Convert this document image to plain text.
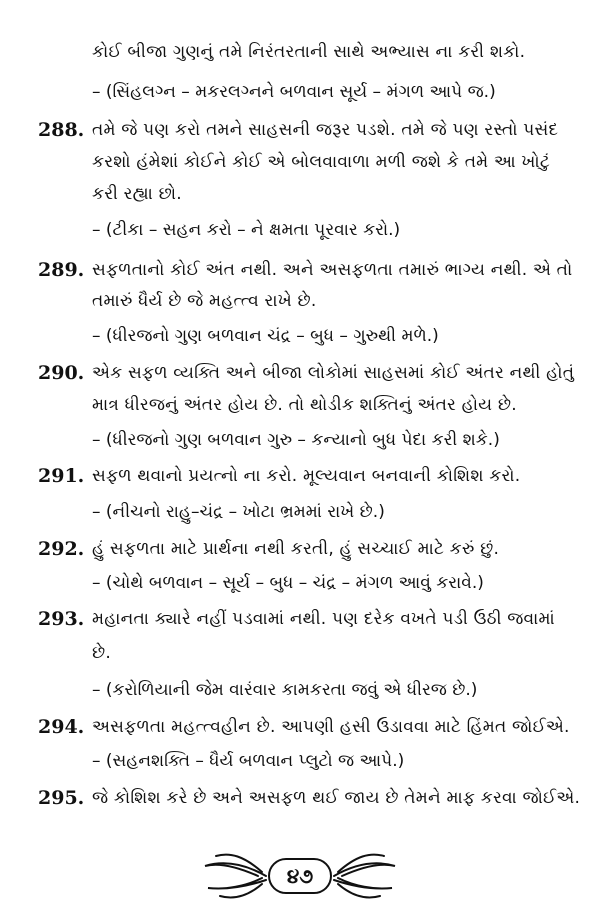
કોઈ બીજા ગુણનું તમે નિરંતરતાની સાથે અભ્યાસ ના કરી શકો.
– (સિંહલગ્ન – મકરલગ્નને બળવાન સૂર્ય – મંગળ આપે જ.)
288. તમે જે પણ કરો તમને સાહસની જરૂર પડશે. તમે જે પણ રસ્તો પસંદ
કરશો હંમેશાં કોઈને કોઈ એ બોલવાવાળા મળી જશે કે તમે આ ખોટું
કરી રહ્યા છો.
– (ટીકા – સહન કરો – ને ક્ષમતા પૂરવાર કરો.)
289. સફળતાનો કોઈ અંત નથી. અને અસફળતા તમારું ભાગ્ય નથી. એ તો
તમારું ધૈર્ય છે જે મહત્ત્વ રાખે છે.
– (ધીરજનો ગુણ બળવાન ચંદ્ર – બુધ – ગુરુથી મળે.)
290. એક સફળ વ્યક્તિ અને બીજા લોકોમાં સાહસમાં કોઈ અંતર નથી હોતું
માત્ર ધીરજનું અંતર હોય છે. તો થોડીક શક્તિનું અંતર હોય છે.
– (ધીરજનો ગુણ બળવાન ગુરુ – કન્યાનો બુધ પેદા કરી શકે.)
291. સફળ થવાનો પ્રયત્નો ના કરો. મૂલ્યવાન બનવાની કોશિશ કરો.
– (નીચનો રાહુ–ચંદ્ર – ખોટા ભ્રમમાં રાખે છે.)
292. હું સફળતા માટે પ્રાર્થના નથી કરતી, હું સચ્ચાઈ માટે કરું છું.
– (ચોથે બળવાન – સૂર્ય – બુધ – ચંદ્ર – મંગળ આવું કરાવે.)
293. મહાનતા ક્યારે નહીં પડવામાં નથી. પણ દરેક વખતે પડી ઉઠી જવામાં
છે.
– (કરોળિયાની જેમ વારંવાર કામકરતા જવું એ ધીરજ છે.)
294. અસફળતા મહત્ત્વહીન છે. આપણી હસી ઉડાવવા માટે હિંમત જોઈએ.
– (સહનશક્તિ – ધૈર્ય બળવાન પ્લુટો જ આપે.)
295. જે કોશિશ કરે છે અને અસફળ થઈ જાય છે તેમને માફ કરવા જોઈએ.
૪૭
